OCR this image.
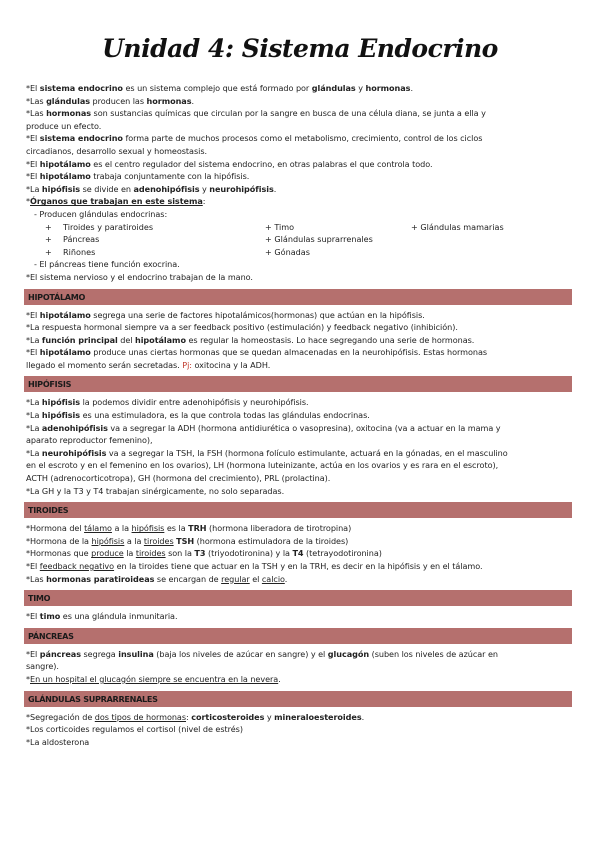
Unidad 4: Sistema Endocrino

*El sistema endocrino es un sistema complejo que está formado por glándulas y hormonas.

*Las glándulas producen las hormonas.

*Las hormonas son sustancias químicas que circulan por la sangre en busca de una célula diana, se junta a ella y

produce un efecto.

*El sistema endocrino forma parte de muchos procesos como el metabolismo, crecimiento, control de los ciclos

circadianos, desarrollo sexual y homeostasis.

*El hipotálamo es el centro regulador del sistema endocrino, en otras palabras el que controla todo.

*El hipotálamo trabaja conjuntamente con la hipófisis.

*La hipófisis se divide en adenohipófisis y neurohipófisis.

*Órganos que trabajan en este sistema:

- Producen glándulas endocrinas:

+ Tiroides y paratiroides
+ Páncreas
+ Riñones
+ Timo
+ Glándulas suprarrenales
+ Gónadas
+ Glándulas mamarias

- El páncreas tiene función exocrina.

*El sistema nervioso y el endocrino trabajan de la mano.

HIPOTÁLAMO

*El hipotálamo segrega una serie de factores hipotalámicos(hormonas) que actúan en la hipófisis.

*La respuesta hormonal siempre va a ser feedback positivo (estimulación) y feedback negativo (inhibición).

*La función principal del hipotálamo es regular la homeostasis. Lo hace segregando una serie de hormonas.

*El hipotálamo produce unas ciertas hormonas que se quedan almacenadas en la neurohipófisis. Estas hormonas

llegado el momento serán secretadas. Pj: oxitocina y la ADH.

HIPÓFISIS

*La hipófisis la podemos dividir entre adenohipófisis y neurohipófisis.

*La hipófisis es una estimuladora, es la que controla todas las glándulas endocrinas.

*La adenohipófisis va a segregar la ADH (hormona antidiurética o vasopresina), oxitocina (va a actuar en la mama y

aparato reproductor femenino),

*La neurohipófisis va a segregar la TSH, la FSH (hormona folículo estimulante, actuará en la gónadas, en el masculino

en el escroto y en el femenino en los ovarios), LH (hormona luteinizante, actúa en los ovarios y es rara en el escroto),

ACTH (adrenocorticotropa), GH (hormona del crecimiento), PRL (prolactina).

*La GH y la T3 y T4 trabajan sinérgicamente, no solo separadas.

TIROIDES

*Hormona del tálamo a la hipófisis es la TRH (hormona liberadora de tirotropina)

*Hormona de la hipófisis a la tiroides TSH (hormona estimuladora de la tiroides)

*Hormonas que produce la tiroides son la T3 (triyodotironina) y la T4 (tetrayodotironina)

*El feedback negativo en la tiroides tiene que actuar en la TSH y en la TRH, es decir en la hipófisis y en el tálamo.

*Las hormonas paratiroideas se encargan de regular el calcio.

TIMO

*El timo es una glándula inmunitaria.

PÁNCREAS

*El páncreas segrega insulina (baja los niveles de azúcar en sangre) y el glucagón (suben los niveles de azúcar en

sangre).

*En un hospital el glucagón siempre se encuentra en la nevera.

GLÁNDULAS SUPRARRENALES

*Segregación de dos tipos de hormonas: corticosteroides y mineraloesteroides.

*Los corticoides regulamos el cortisol (nivel de estrés)

*La aldosterona
